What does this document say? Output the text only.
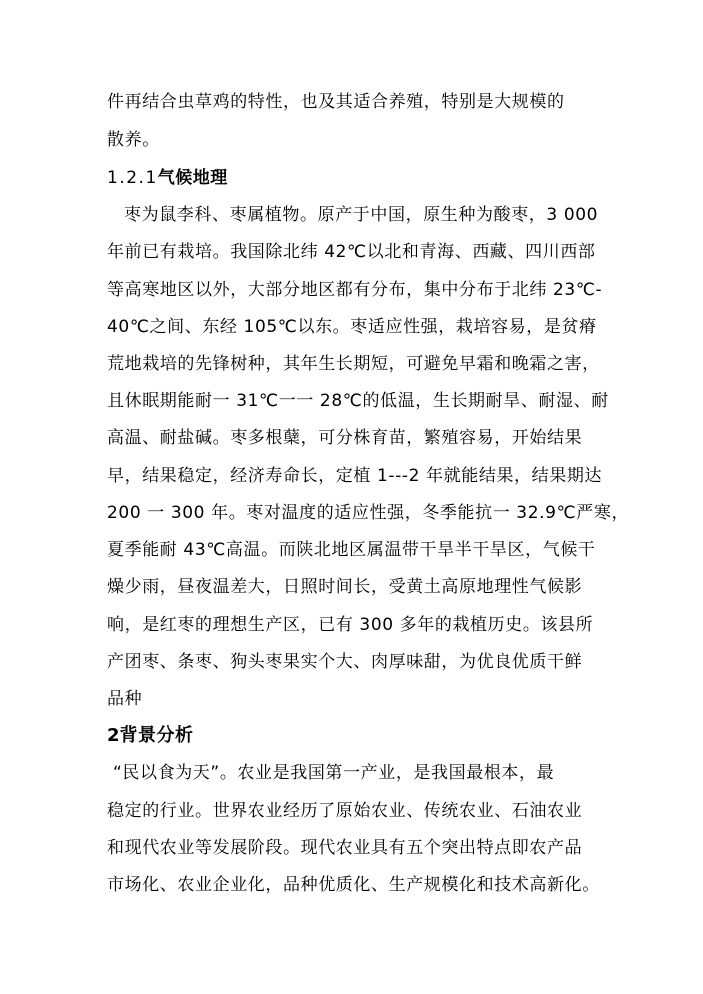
件再结合虫草鸡的特性，也及其适合养殖，特别是大规模的
散养。
1.2.1气候地理
枣为鼠李科、枣属植物。原产于中国，原生种为酸枣，3 000
年前已有栽培。我国除北纬 42℃以北和青海、西藏、四川西部
等高寒地区以外，大部分地区都有分布，集中分布于北纬 23℃-
40℃之间、东经 105℃以东。枣适应性强，栽培容易，是贫瘠
荒地栽培的先锋树种，其年生长期短，可避免早霜和晚霜之害，
且休眠期能耐一 31℃一一 28℃的低温，生长期耐旱、耐湿、耐
高温、耐盐碱。枣多根蘖，可分株育苗，繁殖容易，开始结果
早，结果稳定，经济寿命长，定植 1---2 年就能结果，结果期达
200 一 300 年。枣对温度的适应性强，冬季能抗一 32.9℃严寒，
夏季能耐 43℃高温。而陕北地区属温带干旱半干旱区，气候干
燥少雨，昼夜温差大，日照时间长，受黄土高原地理性气候影
响，是红枣的理想生产区，已有 300 多年的栽植历史。该县所
产团枣、条枣、狗头枣果实个大、肉厚味甜，为优良优质干鲜
品种
2背景分析
“民以食为天”。农业是我国第一产业，是我国最根本，最
稳定的行业。世界农业经历了原始农业、传统农业、石油农业
和现代农业等发展阶段。现代农业具有五个突出特点即农产品
市场化、农业企业化，品种优质化、生产规模化和技术高新化。
